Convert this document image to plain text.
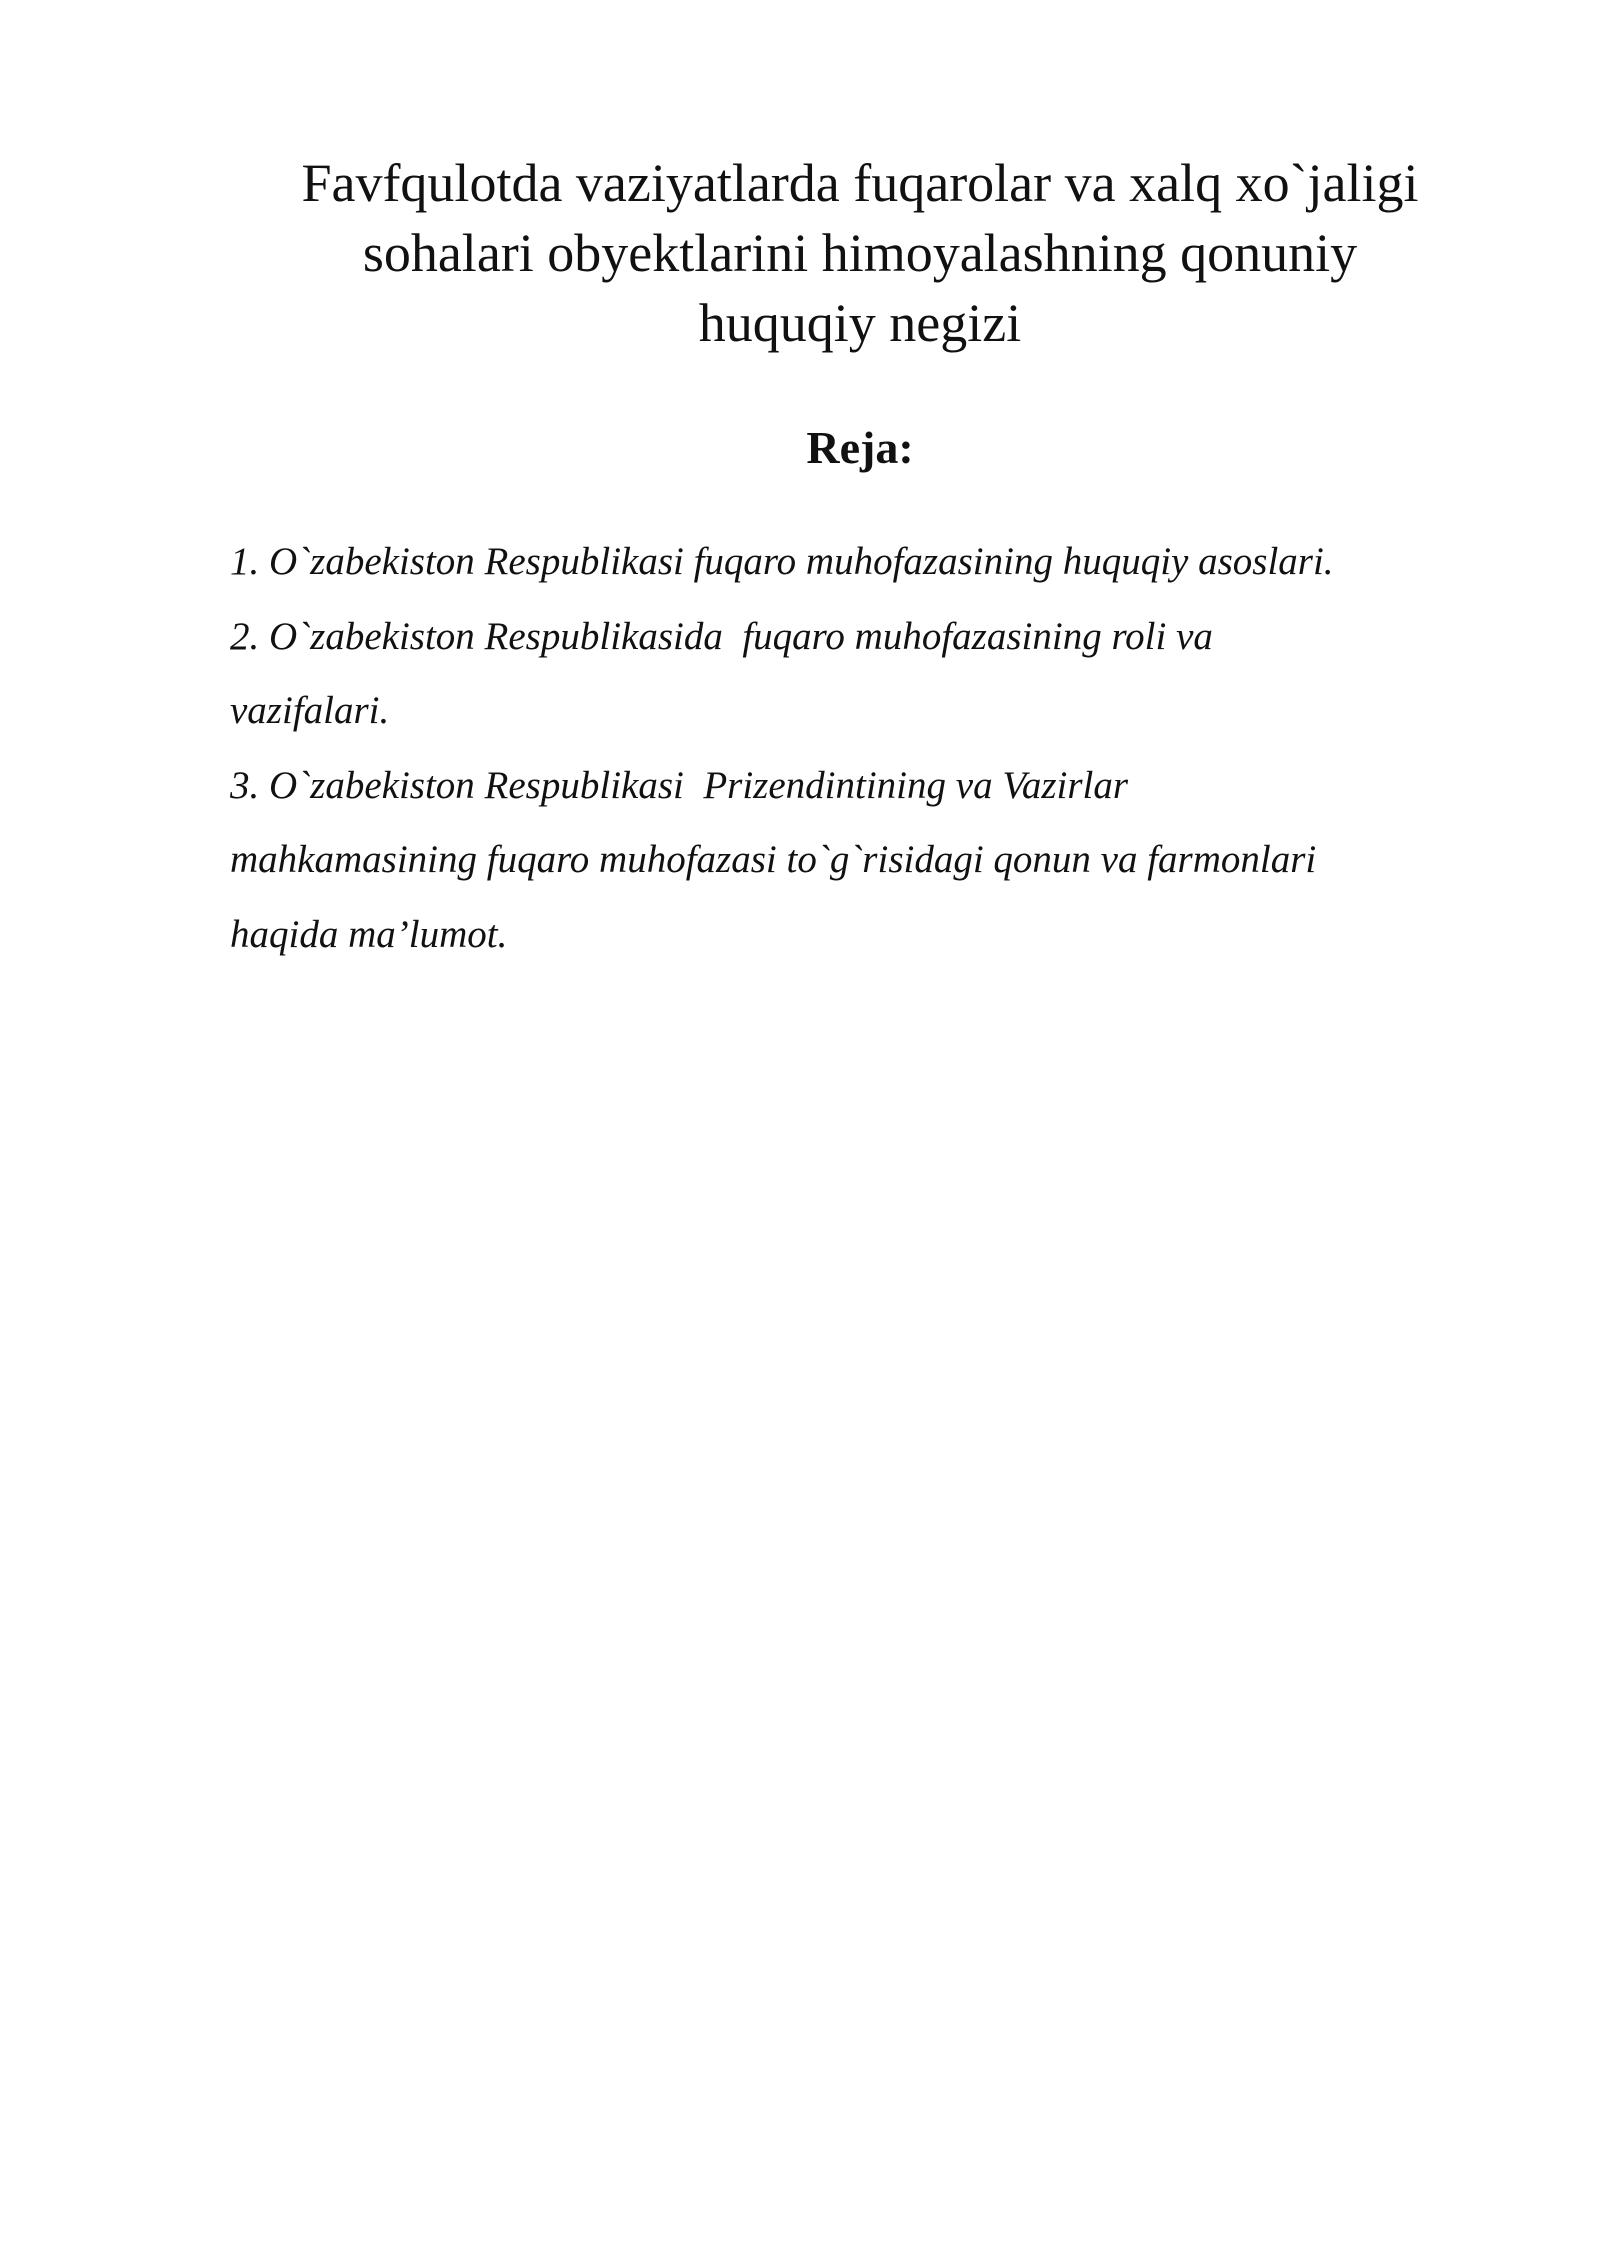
Favfqulotda vaziyatlarda fuqarolar va xalq xo`jaligi
sohalari obyektlarini himoyalashning qonuniy
huquqiy negizi
Reja:
1. O`zabekiston Respublikasi fuqaro muhofazasining huquqiy asoslari.
2. O`zabekiston Respublikasida  fuqaro muhofazasining roli va
vazifalari.
3. O`zabekiston Respublikasi  Prizendintining va Vazirlar
mahkamasining fuqaro muhofazasi to`g`risidagi qonun va farmonlari
haqida ma’lumot.
